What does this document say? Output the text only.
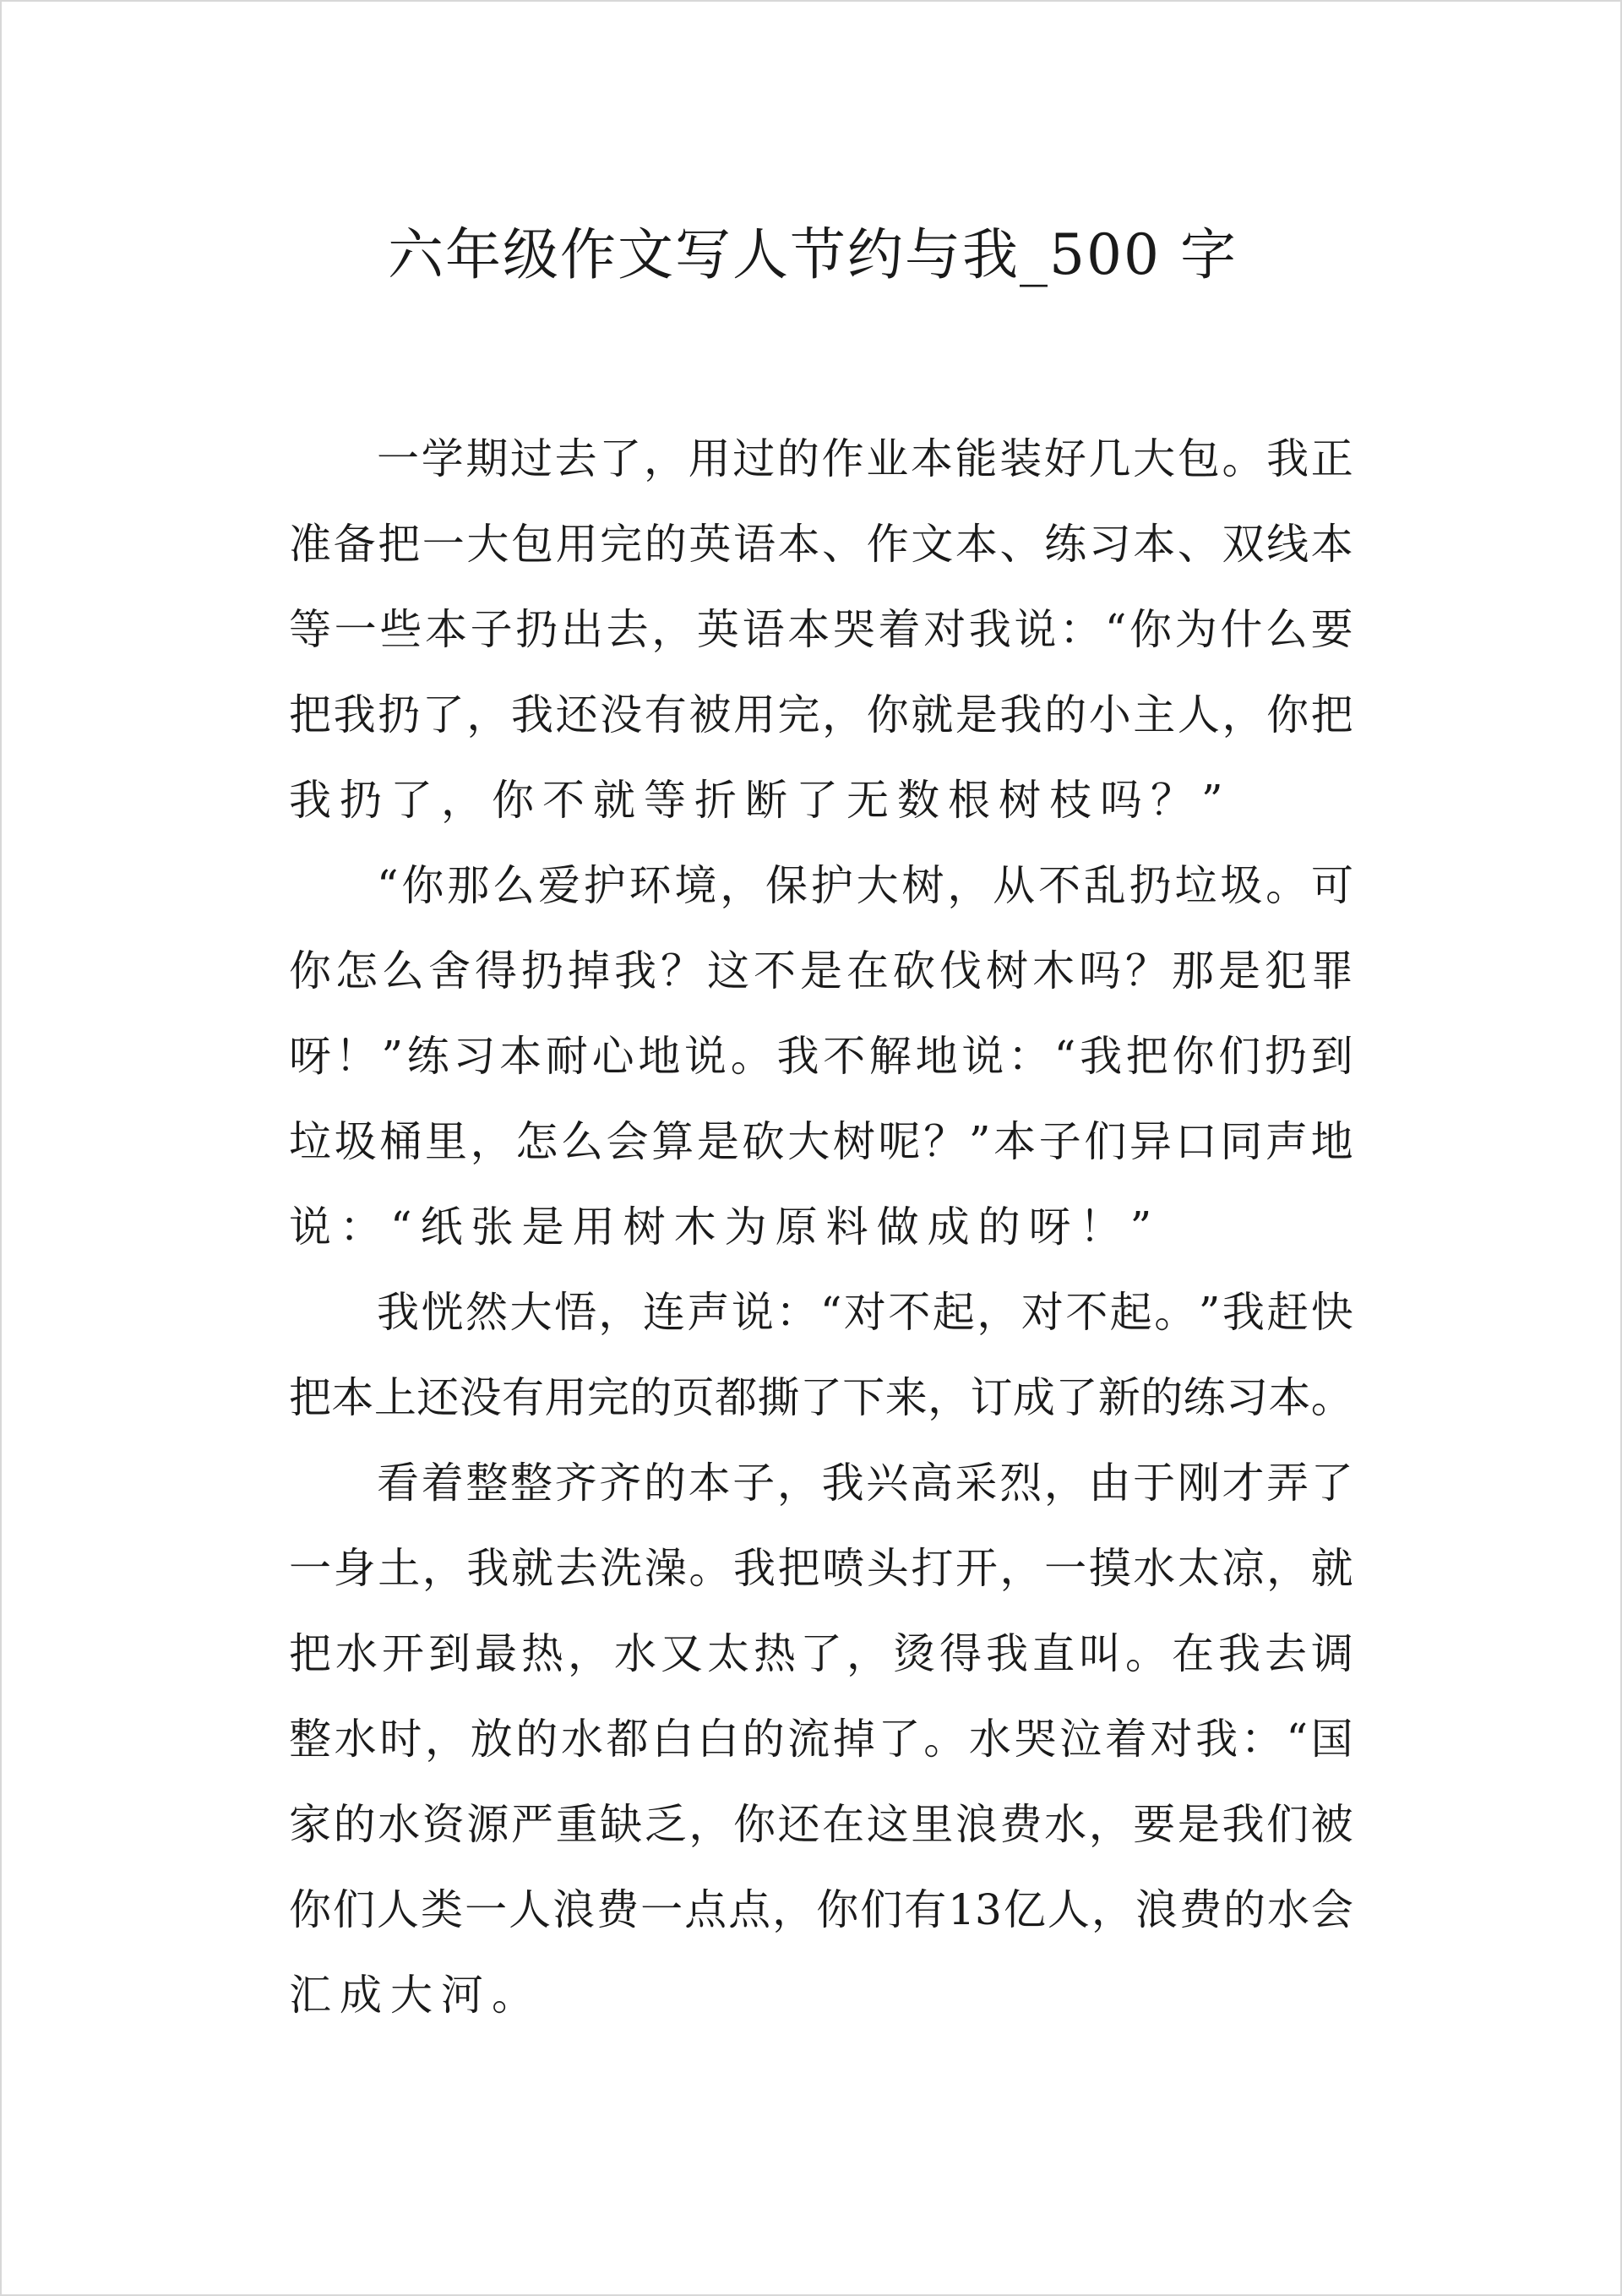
六年级作文写人节约与我_500 字
一 学 期 过 去 了 ， 用 过 的 作 业 本 能 装 好 几 大 包 。 我 正
准 备 把 一 大 包 用 完 的 英 语 本 、 作 文 本 、 练 习 本 、 双 线 本
等 一 些 本 子 扔 出 去 ， 英 语 本 哭 着 对 我 说 ： “ 你 为 什 么 要
把 我 扔 了 ， 我 还 没 有 被 用 完 ， 你 就 是 我 的 小 主 人 ， 你 把
我 扔 了 ， 你 不 就 等 折 断 了 无 数 根 树 枝 吗 ？ ”
“ 你 那 么 爱 护 环 境 ， 保 护 大 树 ， 从 不 乱 扔 垃 圾 。 可
你 怎 么 舍 得 扔 掉 我 ？ 这 不 是 在 砍 伐 树 木 吗 ？ 那 是 犯 罪
呀 ！ ” 练 习 本 耐 心 地 说 。 我 不 解 地 说 ： “ 我 把 你 们 扔 到
垃 圾 桶 里 ， 怎 么 会 算 是 砍 大 树 呢 ？ ” 本 子 们 异 口 同 声 地
说 ： “ 纸 张 是 用 树 木 为 原 料 做 成 的 呀 ！ ”
我 恍 然 大 悟 ， 连 声 说 ： “ 对 不 起 ， 对 不 起 。 ” 我 赶 快
把 本 上 还 没 有 用 完 的 页 都 撕 了 下 来 ， 订 成 了 新 的 练 习 本 。
看 着 整 整 齐 齐 的 本 子 ， 我 兴 高 采 烈 ， 由 于 刚 才 弄 了
一 身 土 ， 我 就 去 洗 澡 。 我 把 喷 头 打 开 ， 一 摸 水 太 凉 ， 就
把 水 开 到 最 热 ， 水 又 太 热 了 ， 烫 得 我 直 叫 。 在 我 去 调
整 水 时 ， 放 的 水 都 白 白 的 流 掉 了 。 水 哭 泣 着 对 我 ： “ 国
家 的 水 资 源 严 重 缺 乏 ， 你 还 在 这 里 浪 费 水 ， 要 是 我 们 被
你 们 人 类 一 人 浪 费 一 点 点 ， 你 们 有 13 亿 人 ， 浪 费 的 水 会
汇 成 大 河 。
